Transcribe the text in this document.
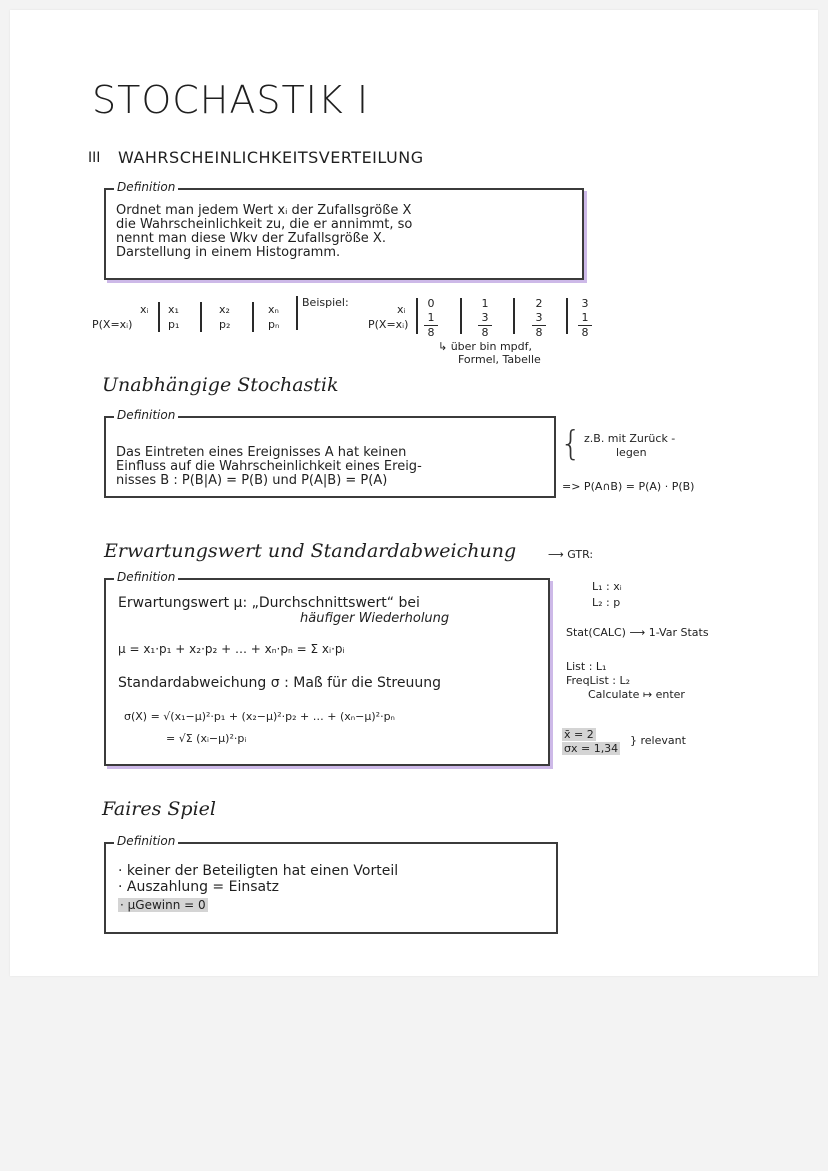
STOCHASTIK I
III WAHRSCHEINLICHKEITSVERTEILUNG
Definition
Ordnet man jedem Wert xᵢ der Zufallsgröße X
die Wahrscheinlichkeit zu, die er annimmt, so
nennt man diese Wkv der Zufallsgröße X.
Darstellung in einem Histogramm.
xᵢ
P(X=xᵢ)
x₁
p₁
x₂
p₂
xₙ
pₙ
Beispiel:
xᵢ
P(X=xᵢ)
0
1
8
1
3
8
2
3
8
3
1
8
↳ über bin mpdf,
Formel, Tabelle
Unabhängige Stochastik
Definition
Das Eintreten eines Ereignisses A hat keinen
Einfluss auf die Wahrscheinlichkeit eines Ereig-
nisses B : P(B|A) = P(B) und P(A|B) = P(A)
{ z.B. mit Zurück -
legen
=> P(A∩B) = P(A) · P(B)
Erwartungswert und Standardabweichung	⟶ GTR:
Definition
Erwartungswert μ: „Durchschnittswert“ bei
häufiger Wiederholung
μ = x₁·p₁ + x₂·p₂ + … + xₙ·pₙ = Σ xᵢ·pᵢ
Standardabweichung σ : Maß für die Streuung
σ(X) = √(x₁−μ)²·p₁ + (x₂−μ)²·p₂ + … + (xₙ−μ)²·pₙ
= √Σ (xᵢ−μ)²·pᵢ
L₁ : xᵢ
L₂ : p
Stat(CALC) ⟶ 1-Var Stats
List : L₁
FreqList : L₂
Calculate ↦ enter
x̄ = 2
σx = 1,34
} relevant
Faires Spiel
Definition
· keiner der Beteiligten hat einen Vorteil
· Auszahlung = Einsatz
· μGewinn = 0
